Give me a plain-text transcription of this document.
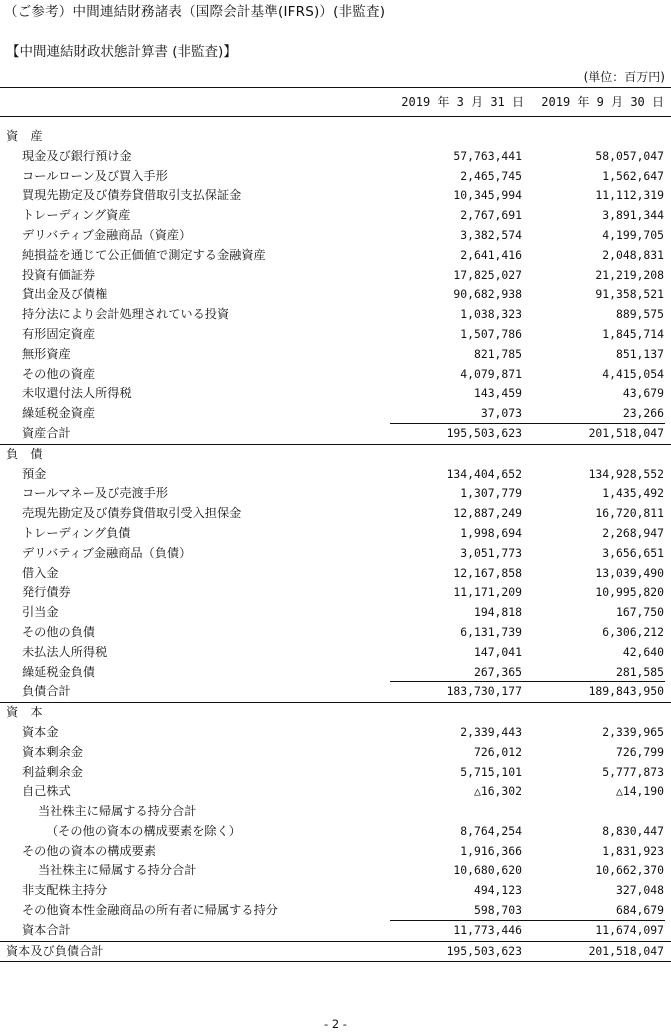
（ご参考）中間連結財務諸表（国際会計基準(IFRS)）(非監査)
【中間連結財政状態計算書 (非監査)】
(単位：百万円)
2019 年 3 月 31 日	2019 年 9 月 30 日
資　産
現金及び銀行預け金	57,763,441	58,057,047
コールローン及び買入手形	2,465,745	1,562,647
買現先勘定及び債券貸借取引支払保証金	10,345,994	11,112,319
トレーディング資産	2,767,691	3,891,344
デリバティブ金融商品（資産）	3,382,574	4,199,705
純損益を通じて公正価値で測定する金融資産	2,641,416	2,048,831
投資有価証券	17,825,027	21,219,208
貸出金及び債権	90,682,938	91,358,521
持分法により会計処理されている投資	1,038,323	889,575
有形固定資産	1,507,786	1,845,714
無形資産	821,785	851,137
その他の資産	4,079,871	4,415,054
未収還付法人所得税	143,459	43,679
繰延税金資産	37,073	23,266
資産合計	195,503,623	201,518,047
負　債
預金	134,404,652	134,928,552
コールマネー及び売渡手形	1,307,779	1,435,492
売現先勘定及び債券貸借取引受入担保金	12,887,249	16,720,811
トレーディング負債	1,998,694	2,268,947
デリバティブ金融商品（負債）	3,051,773	3,656,651
借入金	12,167,858	13,039,490
発行債券	11,171,209	10,995,820
引当金	194,818	167,750
その他の負債	6,131,739	6,306,212
未払法人所得税	147,041	42,640
繰延税金負債	267,365	281,585
負債合計	183,730,177	189,843,950
資　本
資本金	2,339,443	2,339,965
資本剰余金	726,012	726,799
利益剰余金	5,715,101	5,777,873
自己株式	△16,302	△14,190
当社株主に帰属する持分合計
（その他の資本の構成要素を除く）	8,764,254	8,830,447
その他の資本の構成要素	1,916,366	1,831,923
当社株主に帰属する持分合計	10,680,620	10,662,370
非支配株主持分	494,123	327,048
その他資本性金融商品の所有者に帰属する持分	598,703	684,679
資本合計	11,773,446	11,674,097
資本及び負債合計	195,503,623	201,518,047
- 2 -
